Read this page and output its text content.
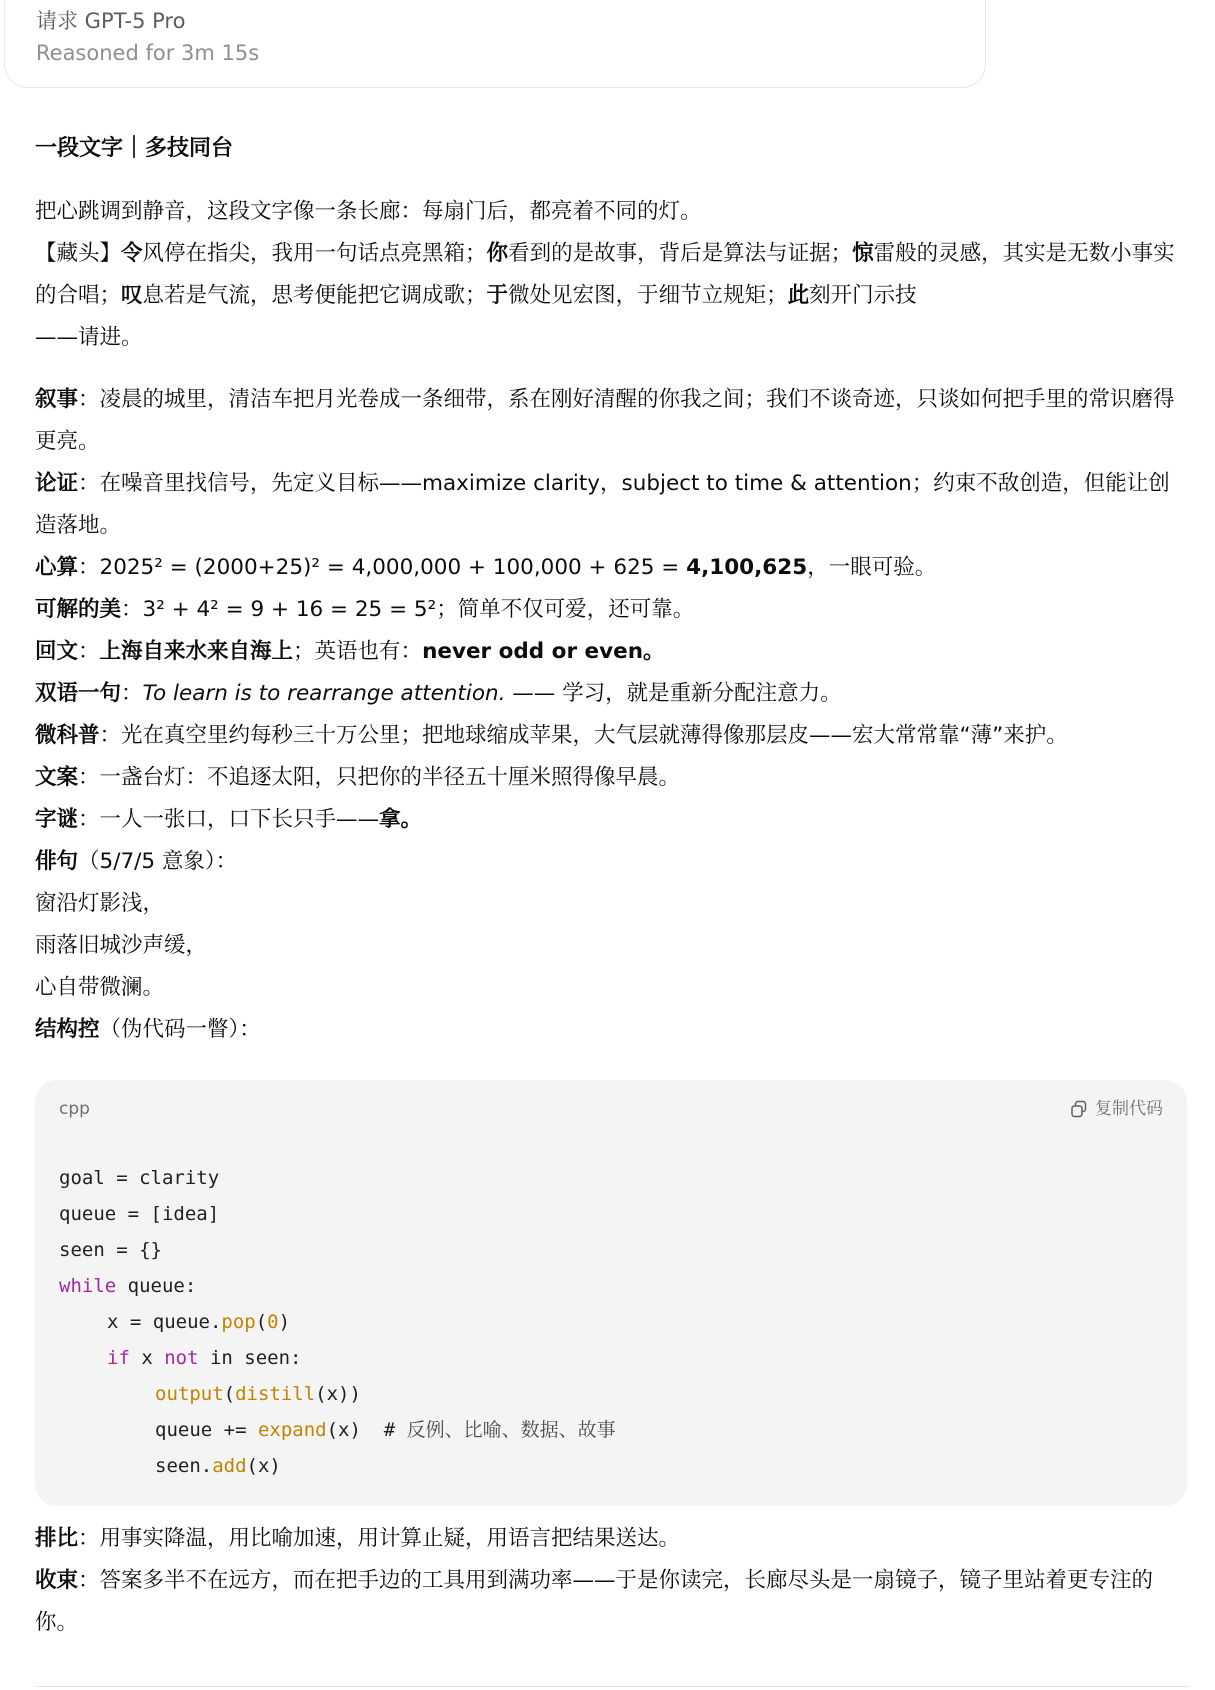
请求 GPT-5 Pro
Reasoned for 3m 15s

一段文字｜多技同台

把心跳调到静音，这段文字像一条长廊：每扇门后，都亮着不同的灯。

【藏头】令风停在指尖，我用一句话点亮黑箱；你看到的是故事，背后是算法与证据；惊雷般的灵感，其实是无数小事实的合唱；叹息若是气流，思考便能把它调成歌；于微处见宏图，于细节立规矩；此刻开门示技
——请进。

叙事：凌晨的城里，清洁车把月光卷成一条细带，系在刚好清醒的你我之间；我们不谈奇迹，只谈如何把手里的常识磨得更亮。

论证：在噪音里找信号，先定义目标——maximize clarity，subject to time & attention；约束不敌创造，但能让创造落地。

心算：2025² = (2000+25)² = 4,000,000 + 100,000 + 625 = 4,100,625，一眼可验。

可解的美：3² + 4² = 9 + 16 = 25 = 5²；简单不仅可爱，还可靠。

回文：上海自来水来自海上；英语也有：never odd or even。

双语一句：To learn is to rearrange attention. —— 学习，就是重新分配注意力。

微科普：光在真空里约每秒三十万公里；把地球缩成苹果，大气层就薄得像那层皮——宏大常常靠“薄”来护。

文案：一盏台灯：不追逐太阳，只把你的半径五十厘米照得像早晨。

字谜：一人一张口，口下长只手——拿。

俳句（5/7/5 意象）：

窗沿灯影浅，

雨落旧城沙声缓，

心自带微澜。

结构控（伪代码一瞥）：

cpp	复制代码
goal = clarity
queue = [idea]
seen = {}
while queue:
x = queue.pop(0)
if x not in seen:
output(distill(x))
queue += expand(x)  # 反例、比喻、数据、故事
seen.add(x)

排比：用事实降温，用比喻加速，用计算止疑，用语言把结果送达。

收束：答案多半不在远方，而在把手边的工具用到满功率——于是你读完，长廊尽头是一扇镜子，镜子里站着更专注的你。
